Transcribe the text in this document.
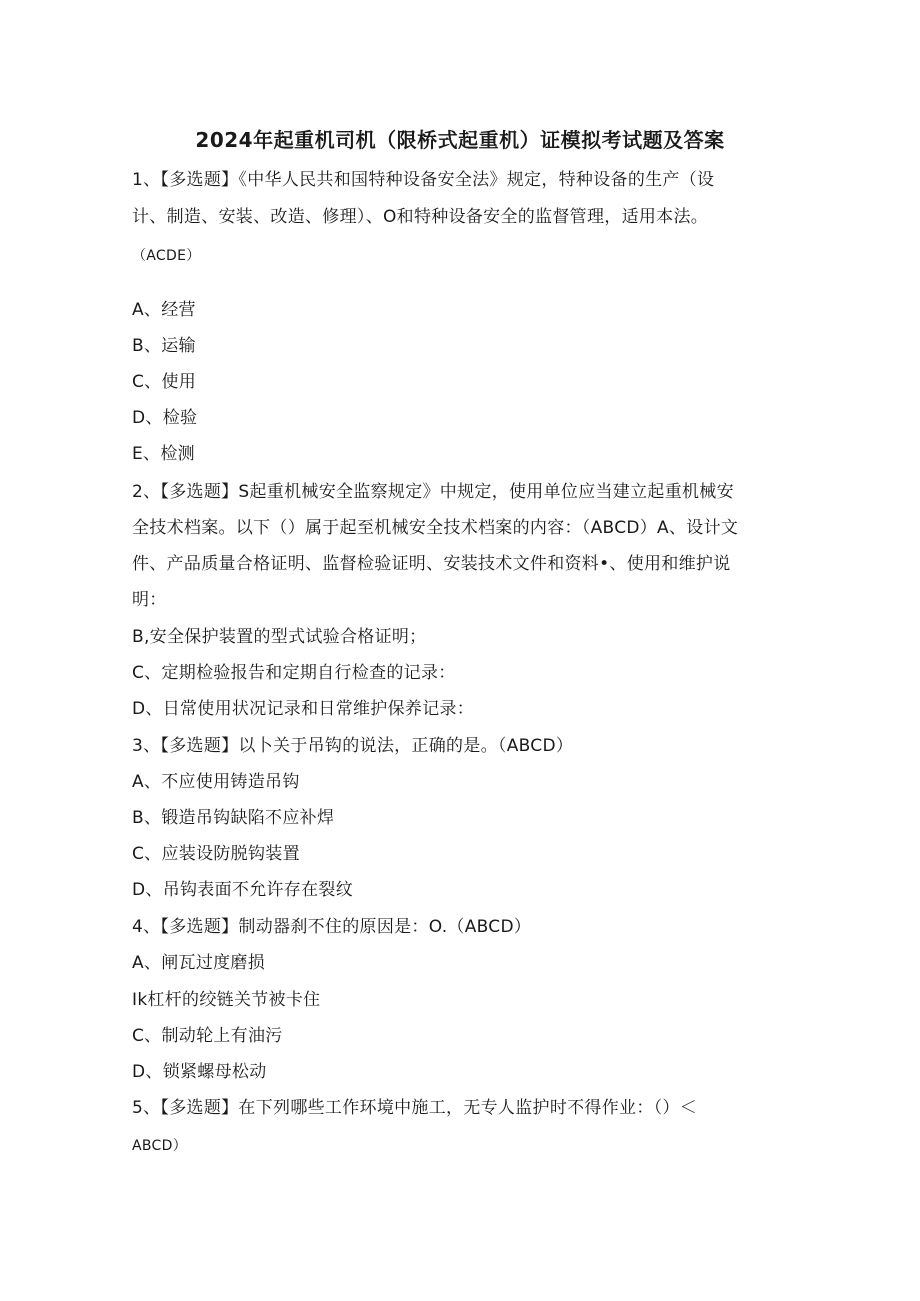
2024年起重机司机（限桥式起重机）证模拟考试题及答案
1、【多选题】《中华人民共和国特种设备安全法》规定，特种设备的生产（设
计、制造、安装、改造、修理）、O和特种设备安全的监督管理，适用本法。
（ACDE）
A、经营
B、运输
C、使用
D、检验
E、检测
2、【多选题】S起重机械安全监察规定》中规定，使用单位应当建立起重机械安
全技术档案。以下（）属于起至机械安全技术档案的内容：（ABCD）A、设计文
件、产品质量合格证明、监督检验证明、安装技术文件和资料•、使用和维护说
明：
B,安全保护装置的型式试验合格证明；
C、定期检验报告和定期自行检查的记录：
D、日常使用状况记录和日常维护保养记录：
3、【多选题】以卜关于吊钩的说法，正确的是。（ABCD）
A、不应使用铸造吊钩
B、锻造吊钩缺陷不应补焊
C、应装设防脱钩装置
D、吊钩表面不允许存在裂纹
4、【多选题】制动器刹不住的原因是：O.（ABCD）
A、闸瓦过度磨损
Ik杠杆的绞链关节被卡住
C、制动轮上有油污
D、锁紧螺母松动
5、【多选题】在下列哪些工作环境中施工，无专人监护时不得作业：（）＜
ABCD）
